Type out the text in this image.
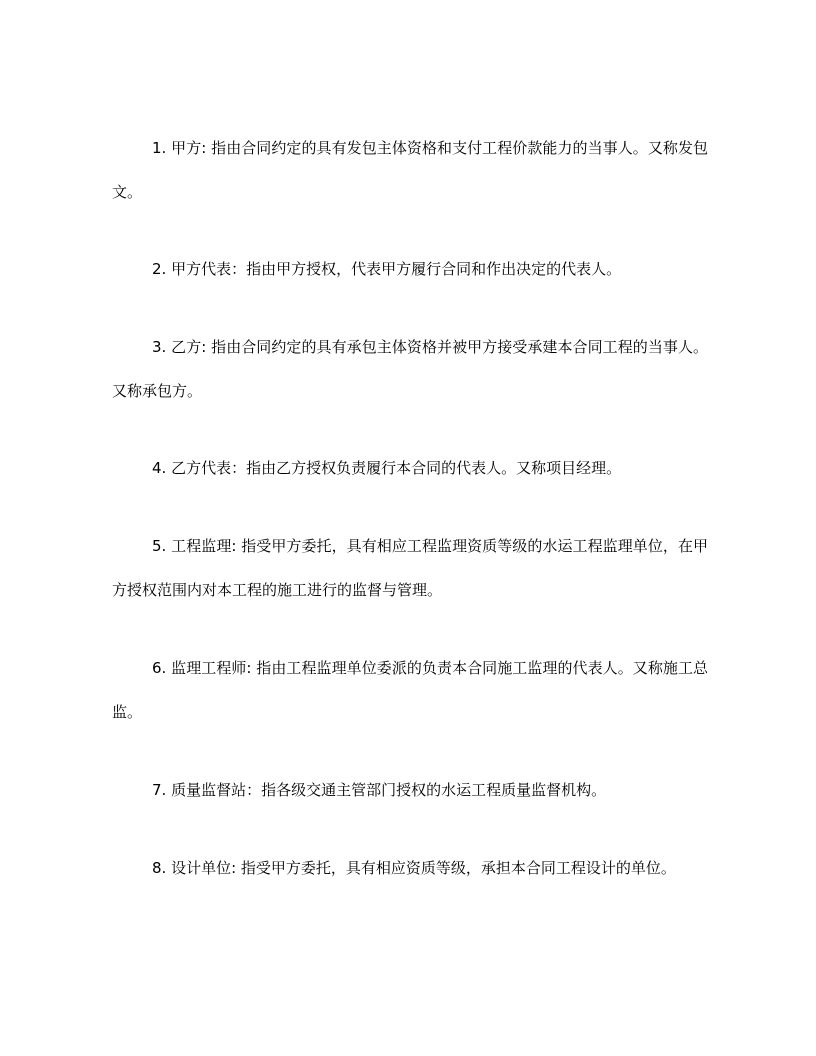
1. 甲方: 指由合同约定的具有发包主体资格和支付工程价款能力的当事人。又称发包文。

2. 甲方代表：指由甲方授权，代表甲方履行合同和作出决定的代表人。

3. 乙方: 指由合同约定的具有承包主体资格并被甲方接受承建本合同工程的当事人。又称承包方。

4. 乙方代表：指由乙方授权负责履行本合同的代表人。又称项目经理。

5. 工程监理: 指受甲方委托，具有相应工程监理资质等级的水运工程监理单位，在甲方授权范围内对本工程的施工进行的监督与管理。

6. 监理工程师: 指由工程监理单位委派的负责本合同施工监理的代表人。又称施工总监。

7. 质量监督站：指各级交通主管部门授权的水运工程质量监督机构。

8. 设计单位: 指受甲方委托，具有相应资质等级，承担本合同工程设计的单位。
